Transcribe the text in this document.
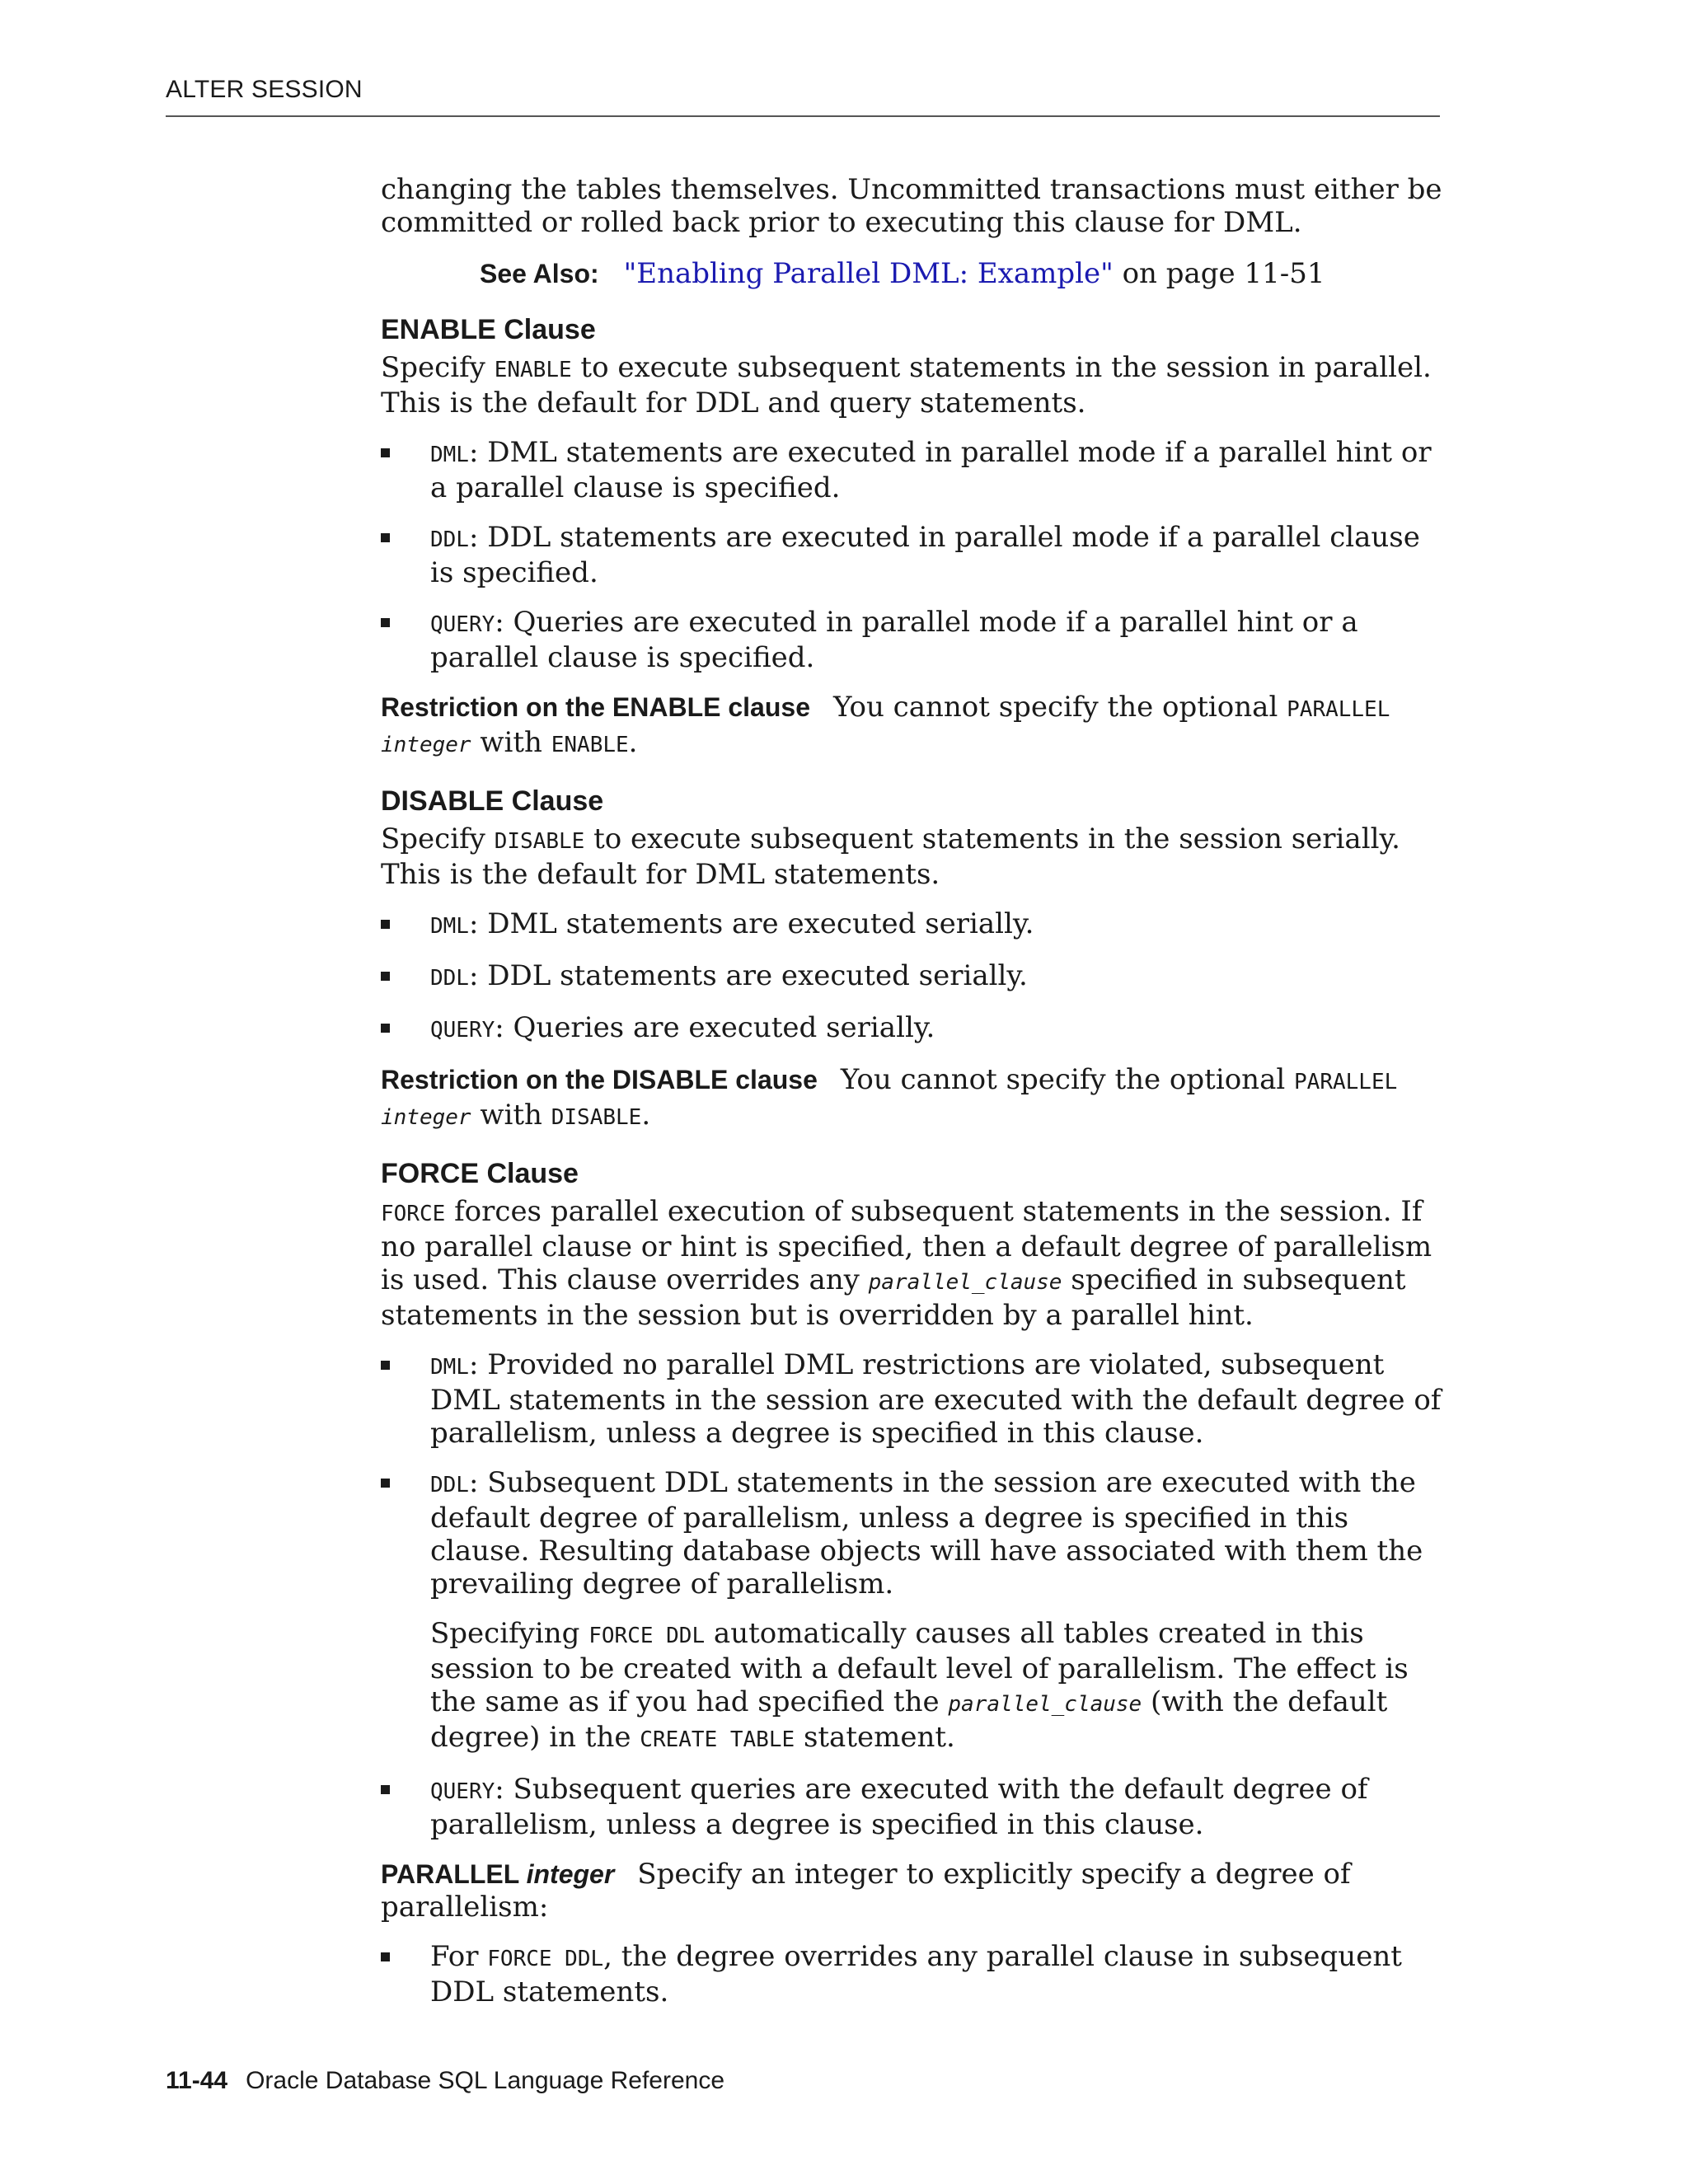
ALTER SESSION

changing the tables themselves. Uncommitted transactions must either be committed or rolled back prior to executing this clause for DML.

See Also: "Enabling Parallel DML: Example" on page 11-51
ENABLE Clause

Specify ENABLE to execute subsequent statements in the session in parallel. This is the default for DDL and query statements.

DML: DML statements are executed in parallel mode if a parallel hint or a parallel clause is specified.
DDL: DDL statements are executed in parallel mode if a parallel clause is specified.
QUERY: Queries are executed in parallel mode if a parallel hint or a parallel clause is specified.

Restriction on the ENABLE clause You cannot specify the optional PARALLEL
integer with ENABLE.

DISABLE Clause

Specify DISABLE to execute subsequent statements in the session serially. This is the default for DML statements.

DML: DML statements are executed serially.
DDL: DDL statements are executed serially.
QUERY: Queries are executed serially.

Restriction on the DISABLE clause You cannot specify the optional PARALLEL
integer with DISABLE.

FORCE Clause

FORCE forces parallel execution of subsequent statements in the session. If no parallel clause or hint is specified, then a default degree of parallelism is used. This clause overrides any parallel_clause specified in subsequent statements in the session but is overridden by a parallel hint.

DML: Provided no parallel DML restrictions are violated, subsequent DML statements in the session are executed with the default degree of parallelism, unless a degree is specified in this clause.
DDL: Subsequent DDL statements in the session are executed with the default degree of parallelism, unless a degree is specified in this clause. Resulting database objects will have associated with them the prevailing degree of parallelism.

Specifying FORCE DDL automatically causes all tables created in this session to be created with a default level of parallelism. The effect is the same as if you had specified the parallel_clause (with the default degree) in the CREATE TABLE statement.

QUERY: Subsequent queries are executed with the default degree of parallelism, unless a degree is specified in this clause.

PARALLEL integer Specify an integer to explicitly specify a degree of parallelism:

For FORCE DDL, the degree overrides any parallel clause in subsequent DDL statements.
11-44 Oracle Database SQL Language Reference
